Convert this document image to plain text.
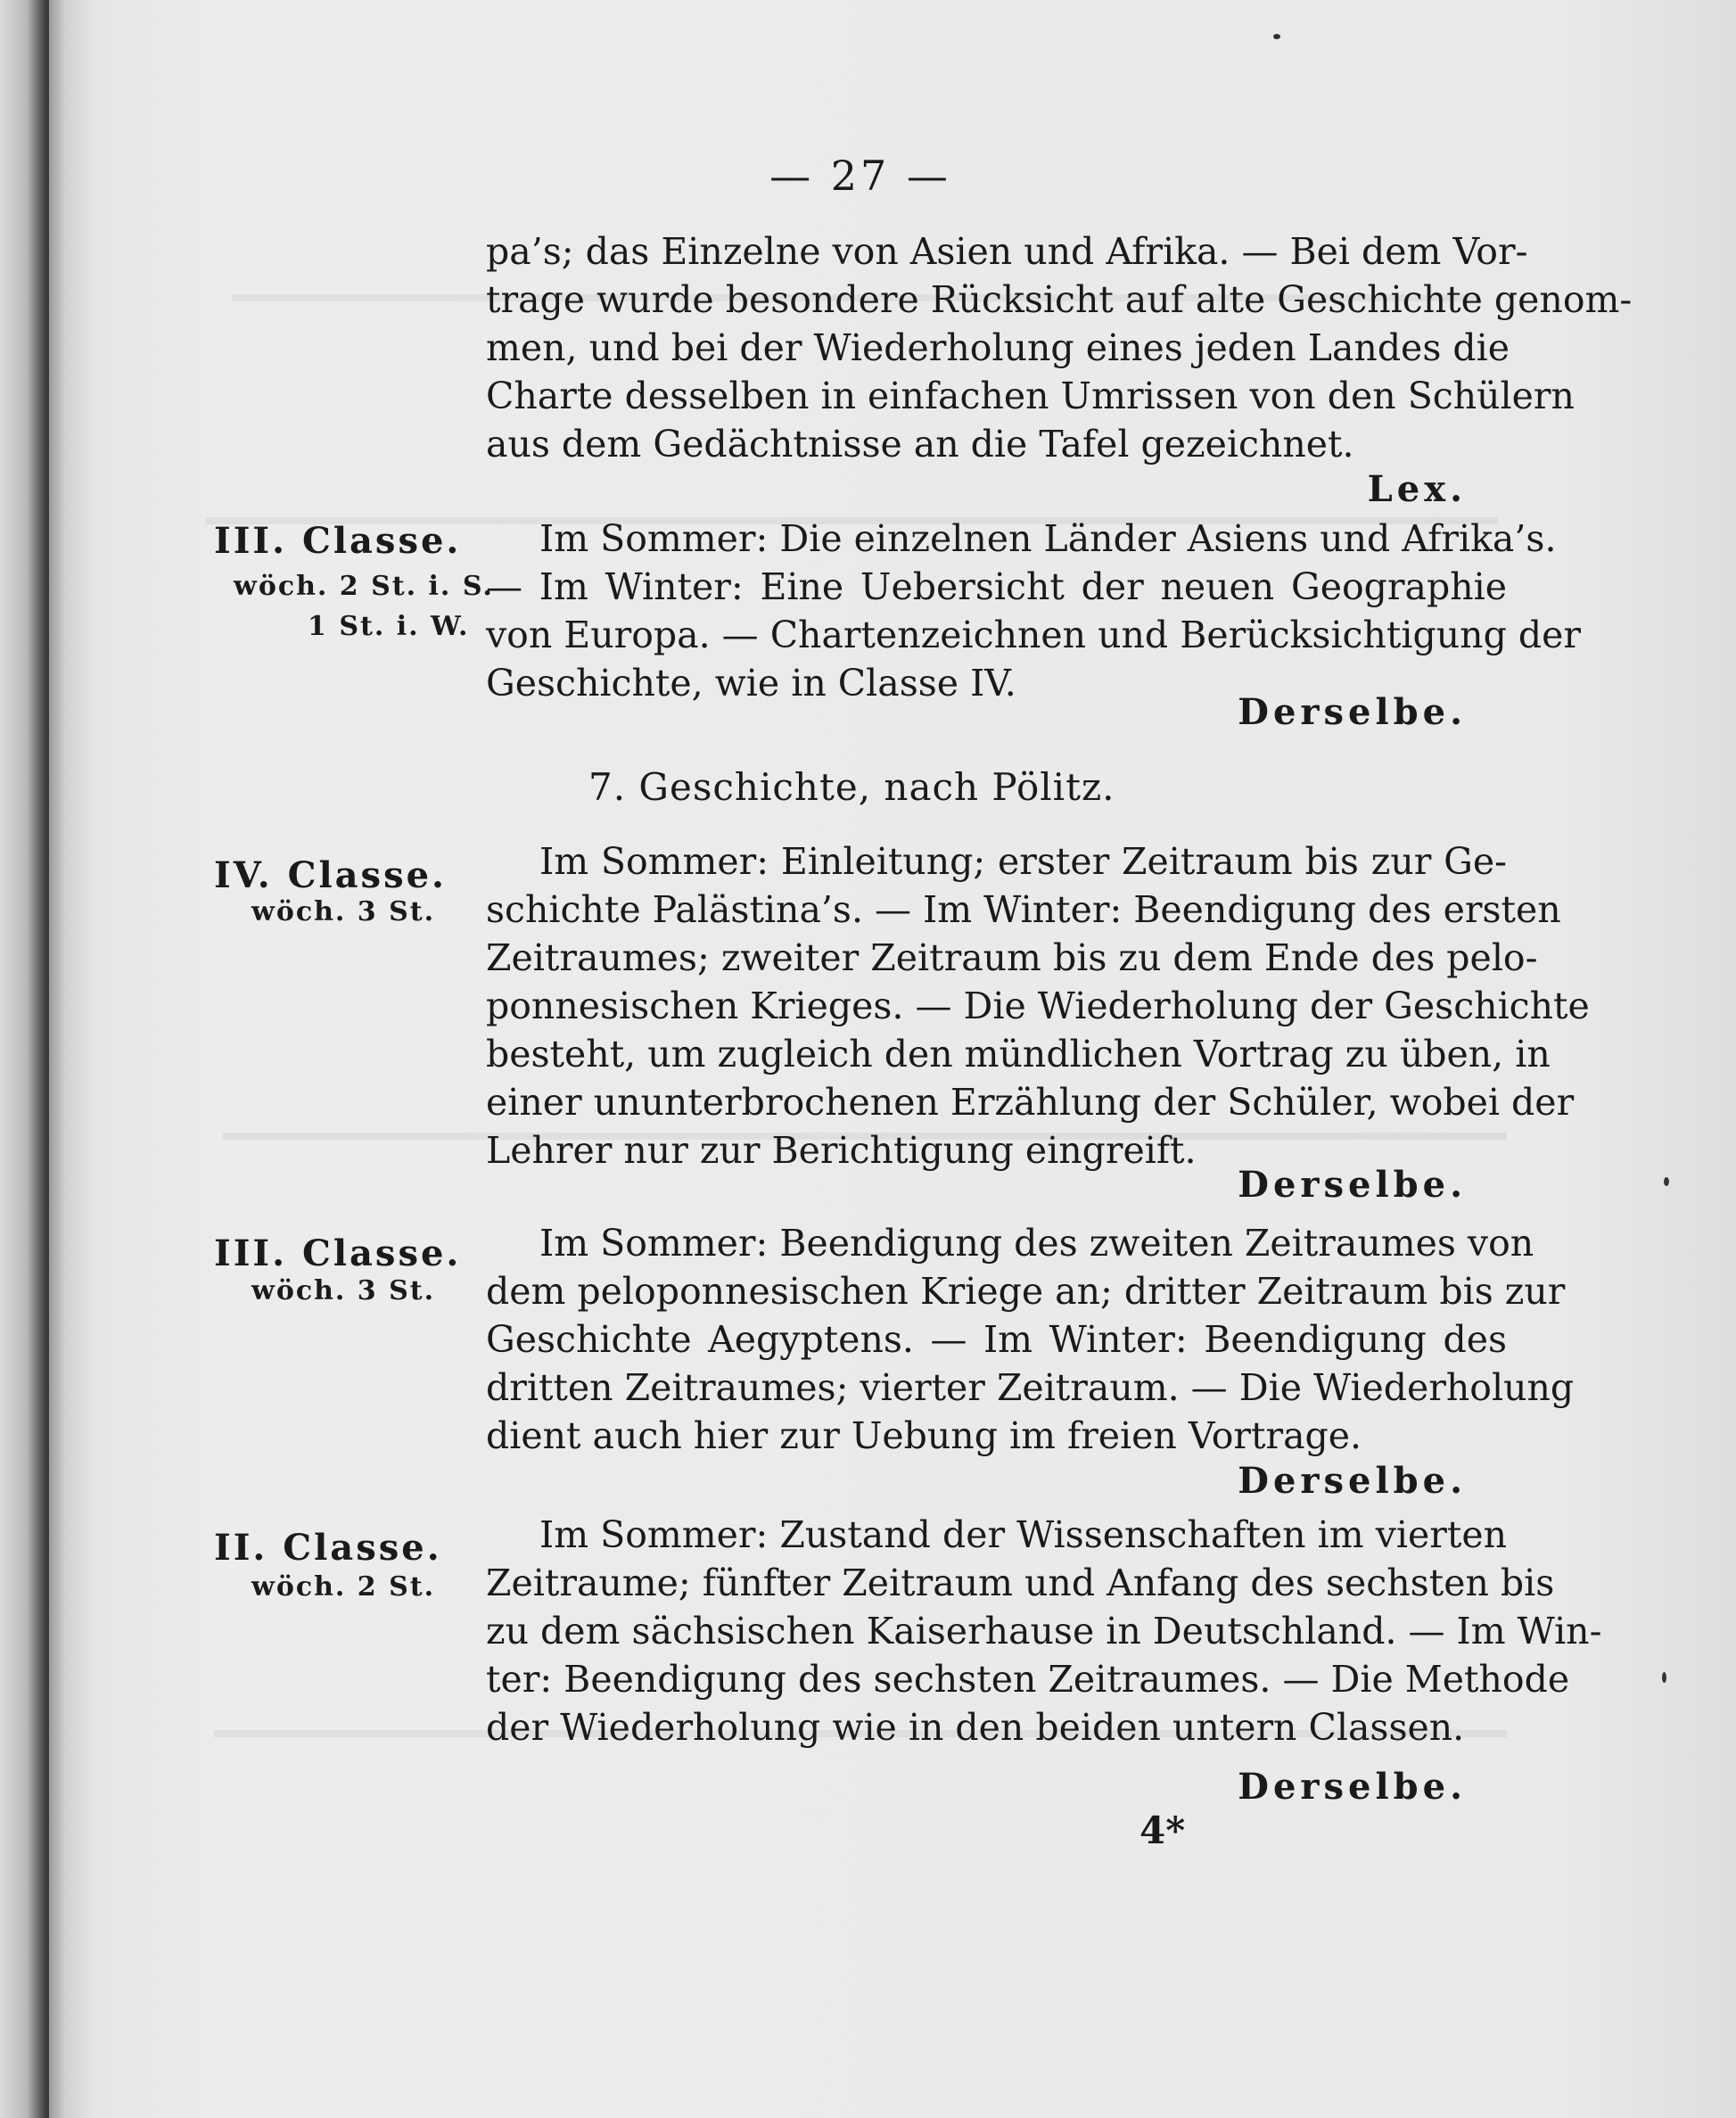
— 27 —
pa’s; das Einzelne von Asien und Afrika. — Bei dem Vor-
trage wurde besondere Rücksicht auf alte Geschichte genom-
men, und bei der Wiederholung eines jeden Landes die
Charte desselben in einfachen Umrissen von den Schülern
aus dem Gedächtnisse an die Tafel gezeichnet.
Lex.
III. Classe.
wöch. 2 St. i. S.
1 St. i. W.
Im Sommer: Die einzelnen Länder Asiens und Afrika’s.
— Im Winter: Eine Uebersicht der neuen Geographie
von Europa. — Chartenzeichnen und Berücksichtigung der
Geschichte, wie in Classe IV.
Derselbe.
7. Geschichte, nach Pölitz.
IV. Classe.
wöch. 3 St.
Im Sommer: Einleitung; erster Zeitraum bis zur Ge-
schichte Palästina’s. — Im Winter: Beendigung des ersten
Zeitraumes; zweiter Zeitraum bis zu dem Ende des pelo-
ponnesischen Krieges. — Die Wiederholung der Geschichte
besteht, um zugleich den mündlichen Vortrag zu üben, in
einer ununterbrochenen Erzählung der Schüler, wobei der
Lehrer nur zur Berichtigung eingreift.
Derselbe.
III. Classe.
wöch. 3 St.
Im Sommer: Beendigung des zweiten Zeitraumes von
dem peloponnesischen Kriege an; dritter Zeitraum bis zur
Geschichte Aegyptens. — Im Winter: Beendigung des
dritten Zeitraumes; vierter Zeitraum. — Die Wiederholung
dient auch hier zur Uebung im freien Vortrage.
Derselbe.
II. Classe.
wöch. 2 St.
Im Sommer: Zustand der Wissenschaften im vierten
Zeitraume; fünfter Zeitraum und Anfang des sechsten bis
zu dem sächsischen Kaiserhause in Deutschland. — Im Win-
ter: Beendigung des sechsten Zeitraumes. — Die Methode
der Wiederholung wie in den beiden untern Classen.
Derselbe.
4*
